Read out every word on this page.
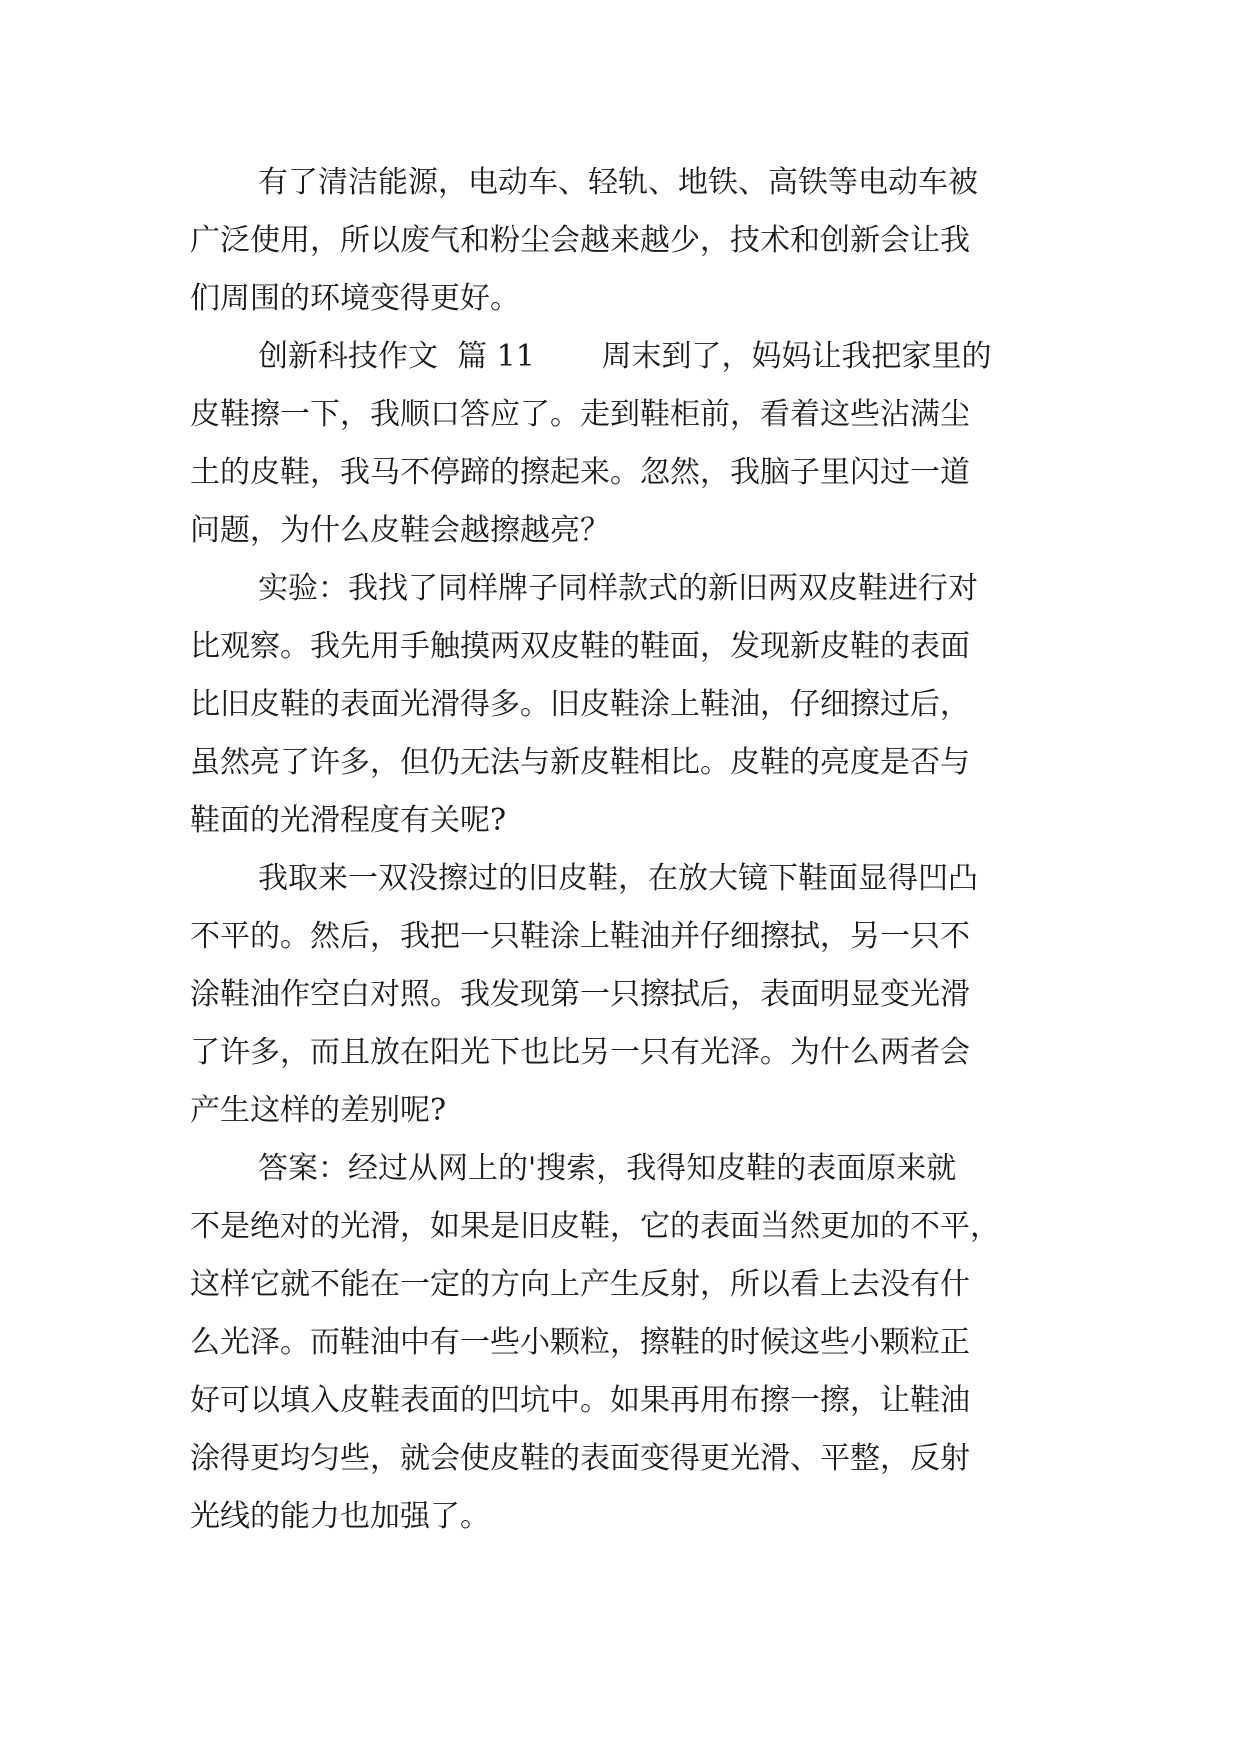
有了清洁能源，电动车、轻轨、地铁、高铁等电动车被
广泛使用，所以废气和粉尘会越来越少，技术和创新会让我
们周围的环境变得更好。
创新科技作文  篇 11       周末到了，妈妈让我把家里的
皮鞋擦一下，我顺口答应了。走到鞋柜前，看着这些沾满尘
土的皮鞋，我马不停蹄的擦起来。忽然，我脑子里闪过一道
问题，为什么皮鞋会越擦越亮？
实验：我找了同样牌子同样款式的新旧两双皮鞋进行对
比观察。我先用手触摸两双皮鞋的鞋面，发现新皮鞋的表面
比旧皮鞋的表面光滑得多。旧皮鞋涂上鞋油，仔细擦过后，
虽然亮了许多，但仍无法与新皮鞋相比。皮鞋的亮度是否与
鞋面的光滑程度有关呢?
我取来一双没擦过的旧皮鞋，在放大镜下鞋面显得凹凸
不平的。然后，我把一只鞋涂上鞋油并仔细擦拭，另一只不
涂鞋油作空白对照。我发现第一只擦拭后，表面明显变光滑
了许多，而且放在阳光下也比另一只有光泽。为什么两者会
产生这样的差别呢?
答案：经过从网上的'搜索，我得知皮鞋的表面原来就
不是绝对的光滑，如果是旧皮鞋，它的表面当然更加的不平，
这样它就不能在一定的方向上产生反射，所以看上去没有什
么光泽。而鞋油中有一些小颗粒，擦鞋的时候这些小颗粒正
好可以填入皮鞋表面的凹坑中。如果再用布擦一擦，让鞋油
涂得更均匀些，就会使皮鞋的表面变得更光滑、平整，反射
光线的能力也加强了。
